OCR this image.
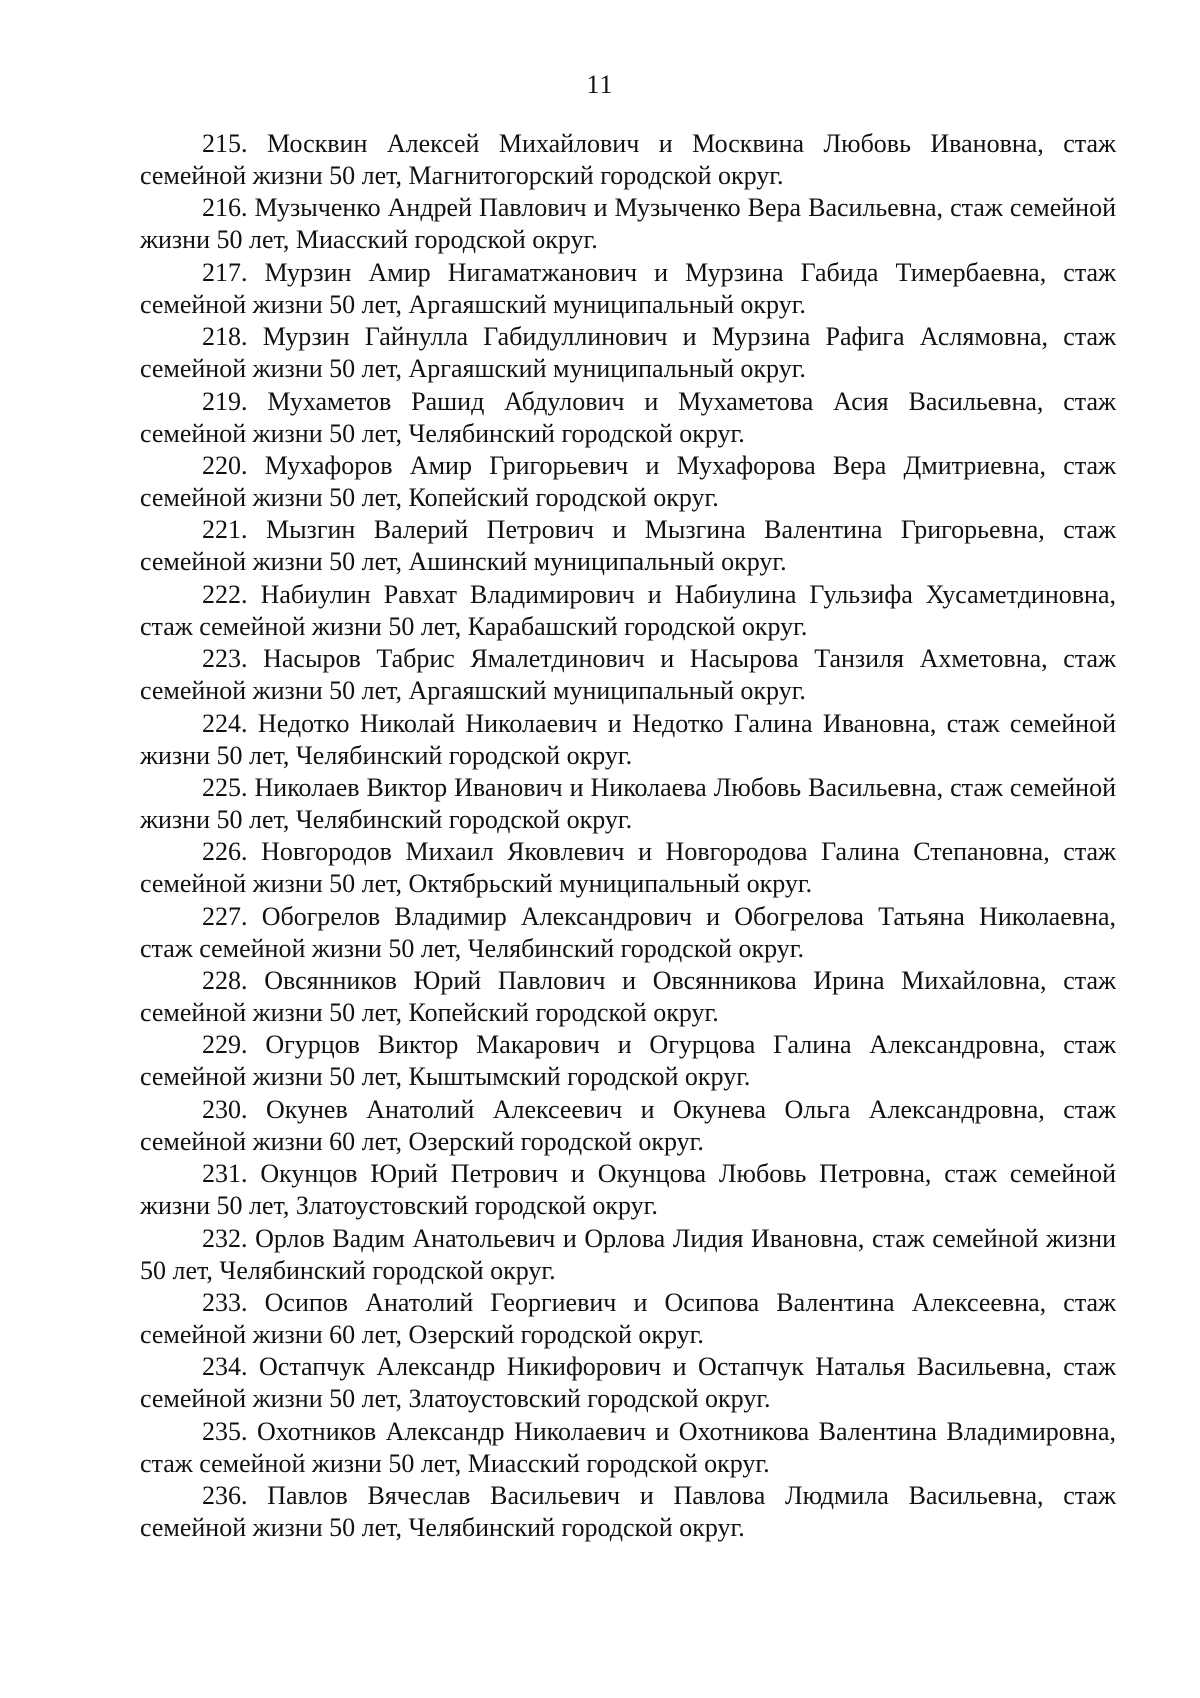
11

215. Москвин Алексей Михайлович и Москвина Любовь Ивановна, стаж семейной жизни 50 лет, Магнитогорский городской округ.

216. Музыченко Андрей Павлович и Музыченко Вера Васильевна, стаж семейной жизни 50 лет, Миасский городской округ.

217. Мурзин Амир Нигаматжанович и Мурзина Габида Тимербаевна, стаж семейной жизни 50 лет, Аргаяшский муниципальный округ.

218. Мурзин Гайнулла Габидуллинович и Мурзина Рафига Аслямовна, стаж семейной жизни 50 лет, Аргаяшский муниципальный округ.

219. Мухаметов Рашид Абдулович и Мухаметова Асия Васильевна, стаж семейной жизни 50 лет, Челябинский городской округ.

220. Мухафоров Амир Григорьевич и Мухафорова Вера Дмитриевна, стаж семейной жизни 50 лет, Копейский городской округ.

221. Мызгин Валерий Петрович и Мызгина Валентина Григорьевна, стаж семейной жизни 50 лет, Ашинский муниципальный округ.

222. Набиулин Равхат Владимирович и Набиулина Гульзифа Хусаметдиновна, стаж семейной жизни 50 лет, Карабашский городской округ.

223. Насыров Табрис Ямалетдинович и Насырова Танзиля Ахметовна, стаж семейной жизни 50 лет, Аргаяшский муниципальный округ.

224. Недотко Николай Николаевич и Недотко Галина Ивановна, стаж семейной жизни 50 лет, Челябинский городской округ.

225. Николаев Виктор Иванович и Николаева Любовь Васильевна, стаж семейной жизни 50 лет, Челябинский городской округ.

226. Новгородов Михаил Яковлевич и Новгородова Галина Степановна, стаж семейной жизни 50 лет, Октябрьский муниципальный округ.

227. Обогрелов Владимир Александрович и Обогрелова Татьяна Николаевна, стаж семейной жизни 50 лет, Челябинский городской округ.

228. Овсянников Юрий Павлович и Овсянникова Ирина Михайловна, стаж семейной жизни 50 лет, Копейский городской округ.

229. Огурцов Виктор Макарович и Огурцова Галина Александровна, стаж семейной жизни 50 лет, Кыштымский городской округ.

230. Окунев Анатолий Алексеевич и Окунева Ольга Александровна, стаж семейной жизни 60 лет, Озерский городской округ.

231. Окунцов Юрий Петрович и Окунцова Любовь Петровна, стаж семейной жизни 50 лет, Златоустовский городской округ.

232. Орлов Вадим Анатольевич и Орлова Лидия Ивановна, стаж семейной жизни 50 лет, Челябинский городской округ.

233. Осипов Анатолий Георгиевич и Осипова Валентина Алексеевна, стаж семейной жизни 60 лет, Озерский городской округ.

234. Остапчук Александр Никифорович и Остапчук Наталья Васильевна, стаж семейной жизни 50 лет, Златоустовский городской округ.

235. Охотников Александр Николаевич и Охотникова Валентина Владимировна, стаж семейной жизни 50 лет, Миасский городской округ.

236. Павлов Вячеслав Васильевич и Павлова Людмила Васильевна, стаж семейной жизни 50 лет, Челябинский городской округ.
